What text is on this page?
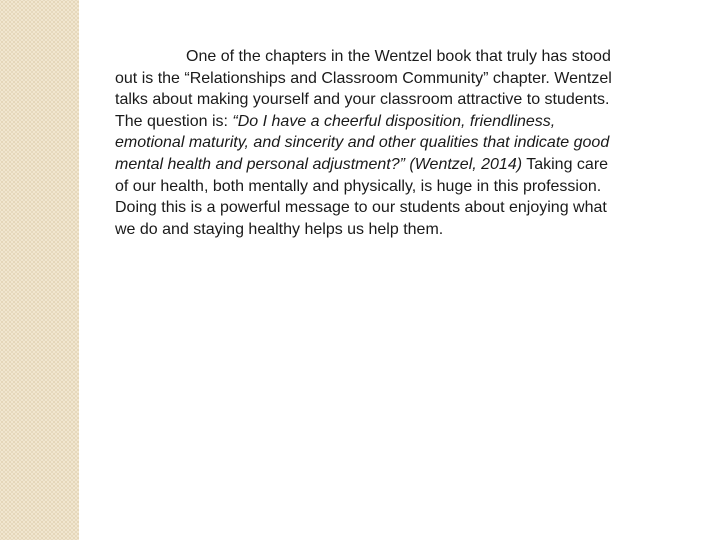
One of the chapters in the Wentzel book that truly has stood
out is the “Relationships and Classroom Community” chapter. Wentzel
talks about making yourself and your classroom attractive to students.
The question is: “Do I have a cheerful disposition, friendliness,
emotional maturity, and sincerity and other qualities that indicate good
mental health and personal adjustment?” (Wentzel, 2014) Taking care
of our health, both mentally and physically, is huge in this profession.
Doing this is a powerful message to our students about enjoying what
we do and staying healthy helps us help them.
